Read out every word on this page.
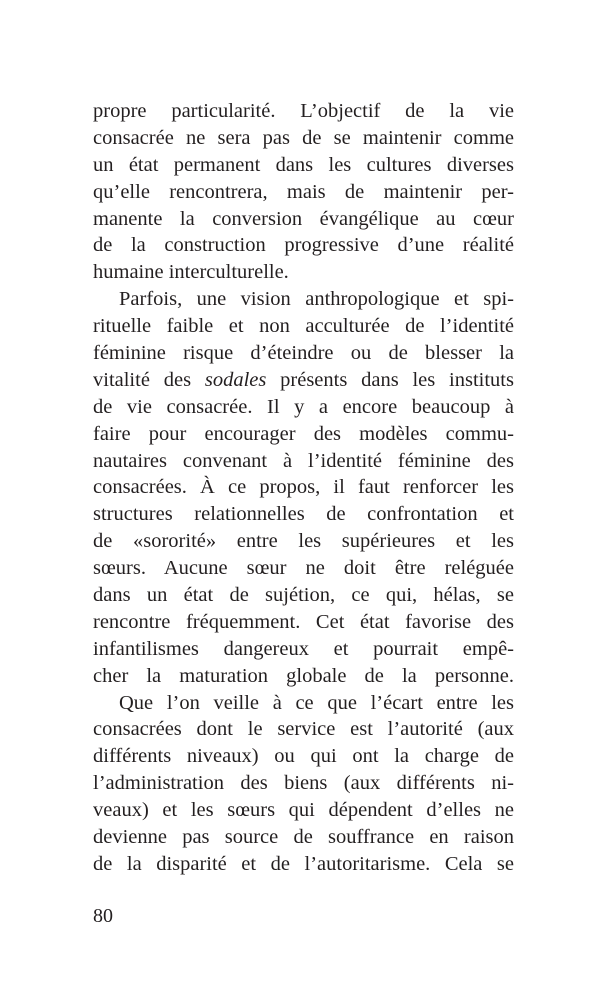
propre particularité. L’objectif de la vie
consacrée ne sera pas de se maintenir comme
un état permanent dans les cultures diverses
qu’elle rencontrera, mais de maintenir per-
manente la conversion évangélique au cœur
de la construction progressive d’une réalité
humaine interculturelle.
Parfois, une vision anthropologique et spi-
rituelle faible et non acculturée de l’identité
féminine risque d’éteindre ou de blesser la
vitalité des sodales présents dans les instituts
de vie consacrée. Il y a encore beaucoup à
faire pour encourager des modèles commu-
nautaires convenant à l’identité féminine des
consacrées. À ce propos, il faut renforcer les
structures relationnelles de confrontation et
de «sororité» entre les supérieures et les
sœurs. Aucune sœur ne doit être reléguée
dans un état de sujétion, ce qui, hélas, se
rencontre fréquemment. Cet état favorise des
infantilismes dangereux et pourrait empê-
cher la maturation globale de la personne.
Que l’on veille à ce que l’écart entre les
consacrées dont le service est l’autorité (aux
différents niveaux) ou qui ont la charge de
l’administration des biens (aux différents ni-
veaux) et les sœurs qui dépendent d’elles ne
devienne pas source de souffrance en raison
de la disparité et de l’autoritarisme. Cela se
80
